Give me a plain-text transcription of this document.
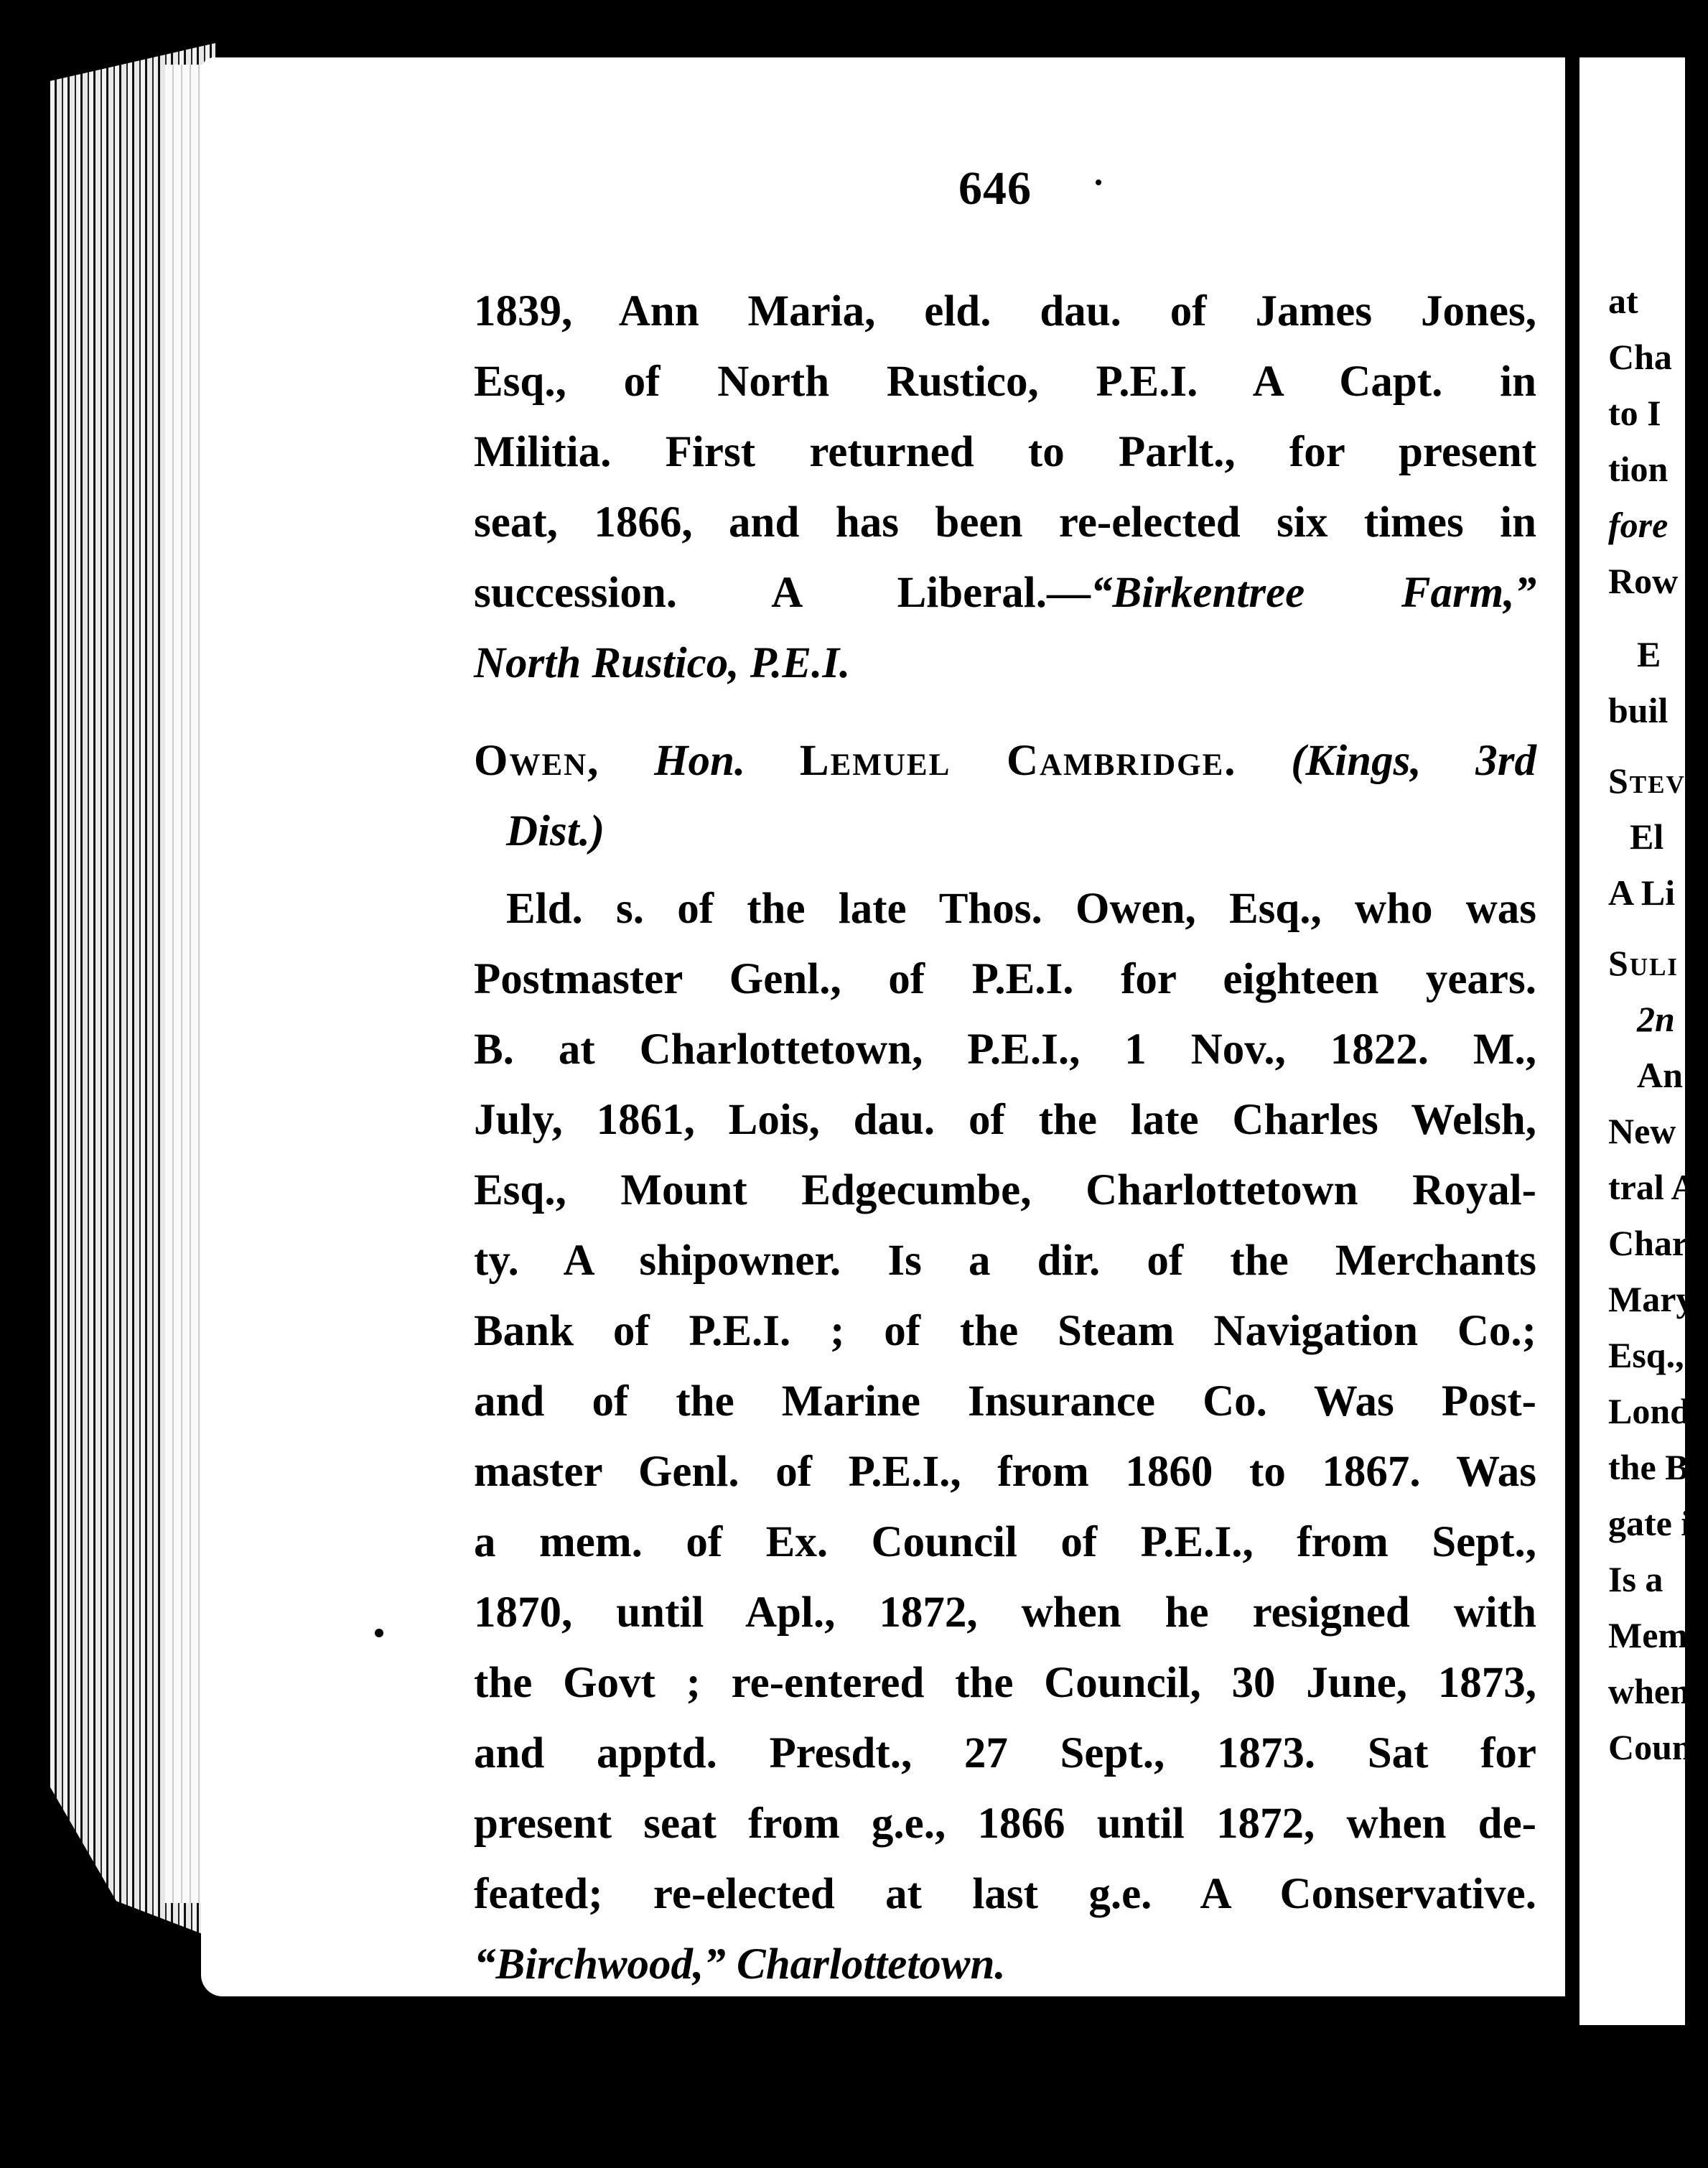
646
1839, Ann Maria, eld. dau. of James Jones,
Esq., of North Rustico, P.E.I. A Capt. in
Militia. First returned to Parlt., for present
seat, 1866, and has been re-elected six times in
succession. A Liberal.—“Birkentree Farm,”
North Rustico, P.E.I.
Owen, Hon. Lemuel Cambridge. (Kings, 3rd
Dist.)
Eld. s. of the late Thos. Owen, Esq., who was
Postmaster Genl., of P.E.I. for eighteen years.
B. at Charlottetown, P.E.I., 1 Nov., 1822. M.,
July, 1861, Lois, dau. of the late Charles Welsh,
Esq., Mount Edgecumbe, Charlottetown Royal-
ty. A shipowner. Is a dir. of the Merchants
Bank of P.E.I. ; of the Steam Navigation Co.;
and of the Marine Insurance Co. Was Post-
master Genl. of P.E.I., from 1860 to 1867. Was
a mem. of Ex. Council of P.E.I., from Sept.,
1870, until Apl., 1872, when he resigned with
the Govt ; re-entered the Council, 30 June, 1873,
and apptd. Presdt., 27 Sept., 1873. Sat for
present seat from g.e., 1866 until 1872, when de-
feated; re-elected at last g.e. A Conservative.
“Birchwood,” Charlottetown.
Richards, James William. (Prince 2nd. Dist.)
B. at Swansea in Wales, 31 May, 1850. Ed
at
Cha
to I
tion
fore
Row
E
buil
Stev
El
A Li
Suli
2n
An
New
tral A
Char
Mary
Esq.,
Lond
the B
gate i
Is a
Mem.
when
Counc
